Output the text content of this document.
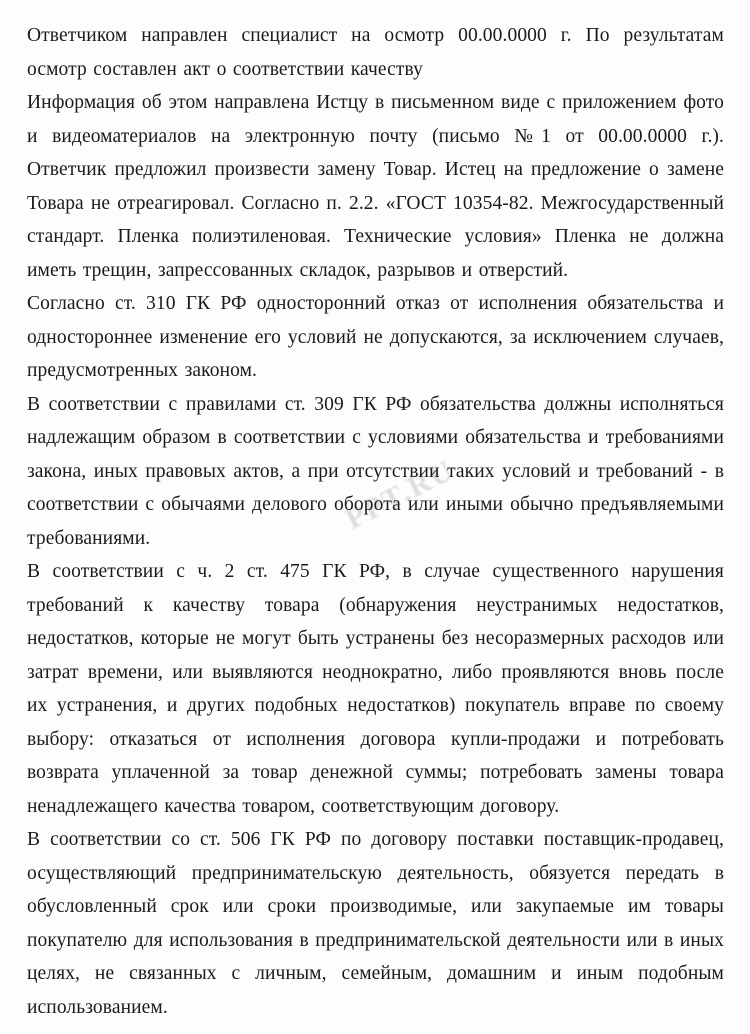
PPT.RU

Ответчиком направлен специалист на осмотр 00.00.0000 г. По результатам осмотр составлен акт о соответствии качеству

Информация об этом направлена Истцу в письменном виде с приложением фото и видеоматериалов на электронную почту (письмо №1 от 00.00.0000 г.). Ответчик предложил произвести замену Товар. Истец на предложение о замене Товара не отреагировал. Согласно п. 2.2. «ГОСТ 10354-82. Межгосударственный стандарт. Пленка полиэтиленовая. Технические условия» Пленка не должна иметь трещин, запрессованных складок, разрывов и отверстий.

Согласно ст. 310 ГК РФ односторонний отказ от исполнения обязательства и одностороннее изменение его условий не допускаются, за исключением случаев, предусмотренных законом.

В соответствии с правилами ст. 309 ГК РФ обязательства должны исполняться надлежащим образом в соответствии с условиями обязательства и требованиями закона, иных правовых актов, а при отсутствии таких условий и требований - в соответствии с обычаями делового оборота или иными обычно предъявляемыми требованиями.

В соответствии с ч. 2 ст. 475 ГК РФ, в случае существенного нарушения требований к качеству товара (обнаружения неустранимых недостатков, недостатков, которые не могут быть устранены без несоразмерных расходов или затрат времени, или выявляются неоднократно, либо проявляются вновь после их устранения, и других подобных недостатков) покупатель вправе по своему выбору: отказаться от исполнения договора купли-продажи и потребовать возврата уплаченной за товар денежной суммы; потребовать замены товара ненадлежащего качества товаром, соответствующим договору.

В соответствии со ст. 506 ГК РФ по договору поставки поставщик-продавец, осуществляющий предпринимательскую деятельность, обязуется передать в обусловленный срок или сроки производимые, или закупаемые им товары покупателю для использования в предпринимательской деятельности или в иных целях, не связанных с личным, семейным, домашним и иным подобным использованием.
